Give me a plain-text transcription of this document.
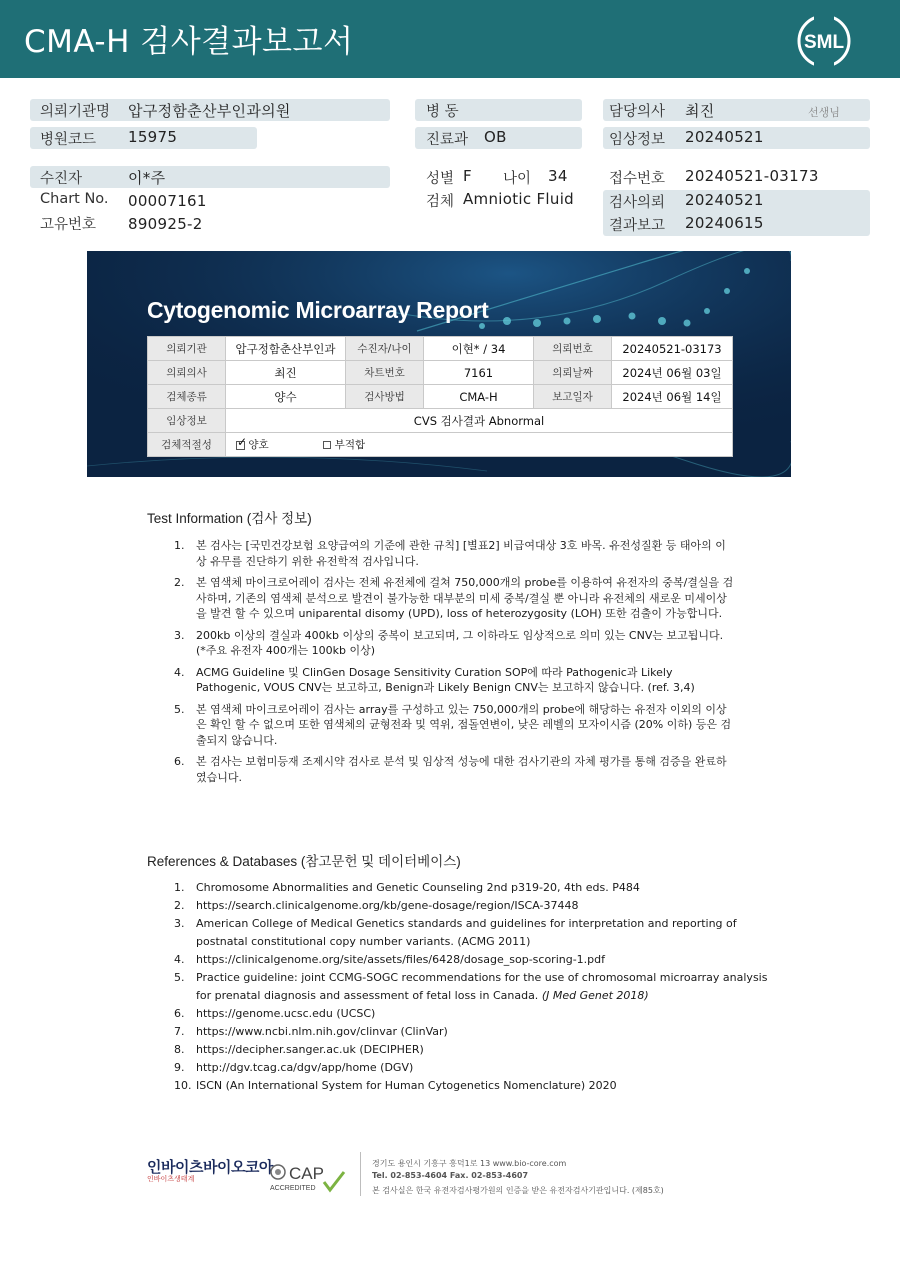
CMA-H 검사결과보고서	SML
의뢰기관명 압구정함춘산부인과의원
병원코드 15975
수진자	이*주
Chart No. 00007161
고유번호 890925-2
병 동
진료과 OB
성별 F 나이 34
검체 Amniotic Fluid
담당의사 최진	선생님
임상정보 20240521
접수번호 20240521-03173
검사의뢰 20240521
결과보고 20240615
Cytogenomic Microarray Report
의뢰기관	압구정함춘산부인과	수진자/나이	이현* / 34	의뢰번호	20240521-03173
의뢰의사	최진	차트번호	7161	의뢰날짜	2024년 06월 03일
검체종류	양수	검사방법	CMA-H	보고일자	2024년 06월 14일
임상정보	CVS 검사결과 Abnormal				
검체적절성	✓ 양호 부적합				
Test Information (검사 정보)
1. 본 검사는 [국민건강보험 요양급여의 기준에 관한 규칙] [별표2] 비급여대상 3호 바목. 유전성질환 등 태아의 이상 유무를 진단하기 위한 유전학적 검사입니다.
2. 본 염색체 마이크로어레이 검사는 전체 유전체에 걸쳐 750,000개의 probe를 이용하여 유전자의 중복/결실을 검사하며, 기존의 염색체 분석으로 발견이 불가능한 대부분의 미세 중복/결실 뿐 아니라 유전체의 새로운 미세이상을 발견 할 수 있으며 uniparental disomy (UPD), loss of heterozygosity (LOH) 또한 검출이 가능합니다.
3. 200kb 이상의 결실과 400kb 이상의 중복이 보고되며, 그 이하라도 임상적으로 의미 있는 CNV는 보고됩니다. (*주요 유전자 400개는 100kb 이상)
4. ACMG Guideline 및 ClinGen Dosage Sensitivity Curation SOP에 따라 Pathogenic과 Likely Pathogenic, VOUS CNV는 보고하고, Benign과 Likely Benign CNV는 보고하지 않습니다. (ref. 3,4)
5. 본 염색체 마이크로어레이 검사는 array를 구성하고 있는 750,000개의 probe에 해당하는 유전자 이외의 이상은 확인 할 수 없으며 또한 염색체의 균형전좌 및 역위, 점돌연변이, 낮은 레벨의 모자이시즘 (20% 이하) 등은 검출되지 않습니다.
6. 본 검사는 보험미등재 조제시약 검사로 분석 및 임상적 성능에 대한 검사기관의 자체 평가를 통해 검증을 완료하였습니다.
References & Databases (참고문헌 및 데이터베이스)
1. Chromosome Abnormalities and Genetic Counseling 2nd p319-20, 4th eds. P484
2. https://search.clinicalgenome.org/kb/gene-dosage/region/ISCA-37448
3. American College of Medical Genetics standards and guidelines for interpretation and reporting of postnatal constitutional copy number variants. (ACMG 2011)
4. https://clinicalgenome.org/site/assets/files/6428/dosage_sop-scoring-1.pdf
5. Practice guideline: joint CCMG-SOGC recommendations for the use of chromosomal microarray analysis for prenatal diagnosis and assessment of fetal loss in Canada. (J Med Genet 2018)
6. https://genome.ucsc.edu (UCSC)
7. https://www.ncbi.nlm.nih.gov/clinvar (ClinVar)
8. https://decipher.sanger.ac.uk (DECIPHER)
9. http://dgv.tcag.ca/dgv/app/home (DGV)
10. ISCN (An International System for Human Cytogenetics Nomenclature) 2020
인바이츠바이오코아
인바이츠생태계	CAP
ACCREDITED
경기도 용인시 기흥구 흥덕1로 13 www.bio-core.com
Tel. 02-853-4604 Fax. 02-853-4607
본 검사실은 한국 유전자검사평가원의 인증을 받은 유전자검사기관입니다. (제85호)
